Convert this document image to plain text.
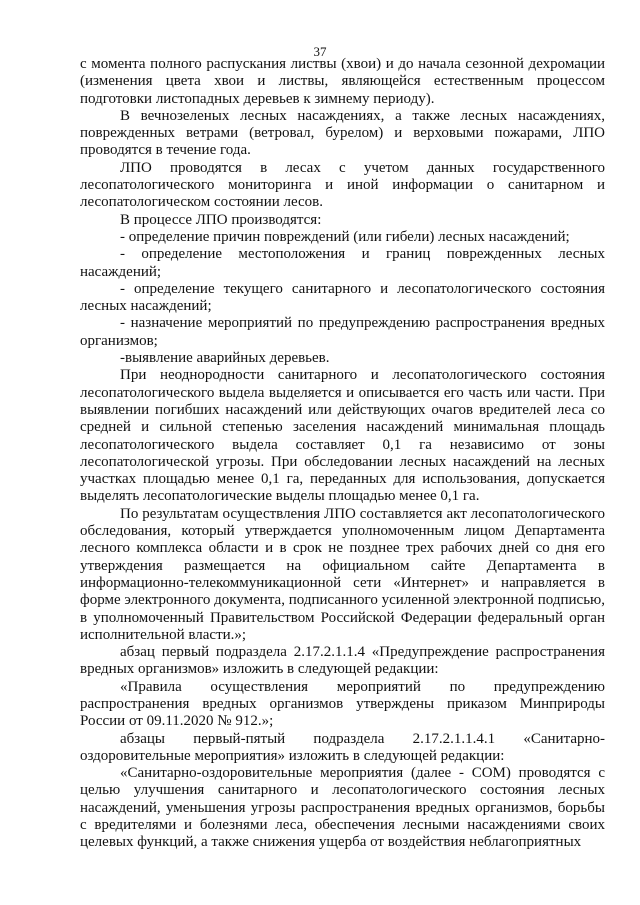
37

с момента полного распускания листвы (хвои) и до начала сезонной дехромации (изменения цвета хвои и листвы, являющейся естественным процессом подготовки листопадных деревьев к зимнему периоду).

В вечнозеленых лесных насаждениях, а также лесных насаждениях, поврежденных ветрами (ветровал, бурелом) и верховыми пожарами, ЛПО проводятся в течение года.

ЛПО проводятся в лесах с учетом данных государственного лесопатологического мониторинга и иной информации о санитарном и лесопатологическом состоянии лесов.

В процессе ЛПО производятся:

- определение причин повреждений (или гибели) лесных насаждений;

- определение местоположения и границ поврежденных лесных насаждений;

- определение текущего санитарного и лесопатологического состояния лесных насаждений;

- назначение мероприятий по предупреждению распространения вредных организмов;

-выявление аварийных деревьев.

При неоднородности санитарного и лесопатологического состояния лесопатологического выдела выделяется и описывается его часть или части. При выявлении погибших насаждений или действующих очагов вредителей леса со средней и сильной степенью заселения насаждений минимальная площадь лесопатологического выдела составляет 0,1 га независимо от зоны лесопатологической угрозы. При обследовании лесных насаждений на лесных участках площадью менее 0,1 га, переданных для использования, допускается выделять лесопатологические выделы площадью менее 0,1 га.

По результатам осуществления ЛПО составляется акт лесопатологического обследования, который утверждается уполномоченным лицом Департамента лесного комплекса области и в срок не позднее трех рабочих дней со дня его утверждения размещается на официальном сайте Департамента в информационно-телекоммуникационной сети «Интернет» и направляется в форме электронного документа, подписанного усиленной электронной подписью, в уполномоченный Правительством Российской Федерации федеральный орган исполнительной власти.»;

абзац первый подраздела 2.17.2.1.1.4 «Предупреждение распространения вредных организмов» изложить в следующей редакции:

«Правила осуществления мероприятий по предупреждению распространения вредных организмов утверждены приказом Минприроды России от 09.11.2020 № 912.»;

абзацы первый-пятый подраздела 2.17.2.1.1.4.1 «Санитарно-оздоровительные мероприятия» изложить в следующей редакции:

«Санитарно-оздоровительные мероприятия (далее - СОМ) проводятся с целью улучшения санитарного и лесопатологического состояния лесных насаждений, уменьшения угрозы распространения вредных организмов, борьбы с вредителями и болезнями леса, обеспечения лесными насаждениями своих целевых функций, а также снижения ущерба от воздействия неблагоприятных
